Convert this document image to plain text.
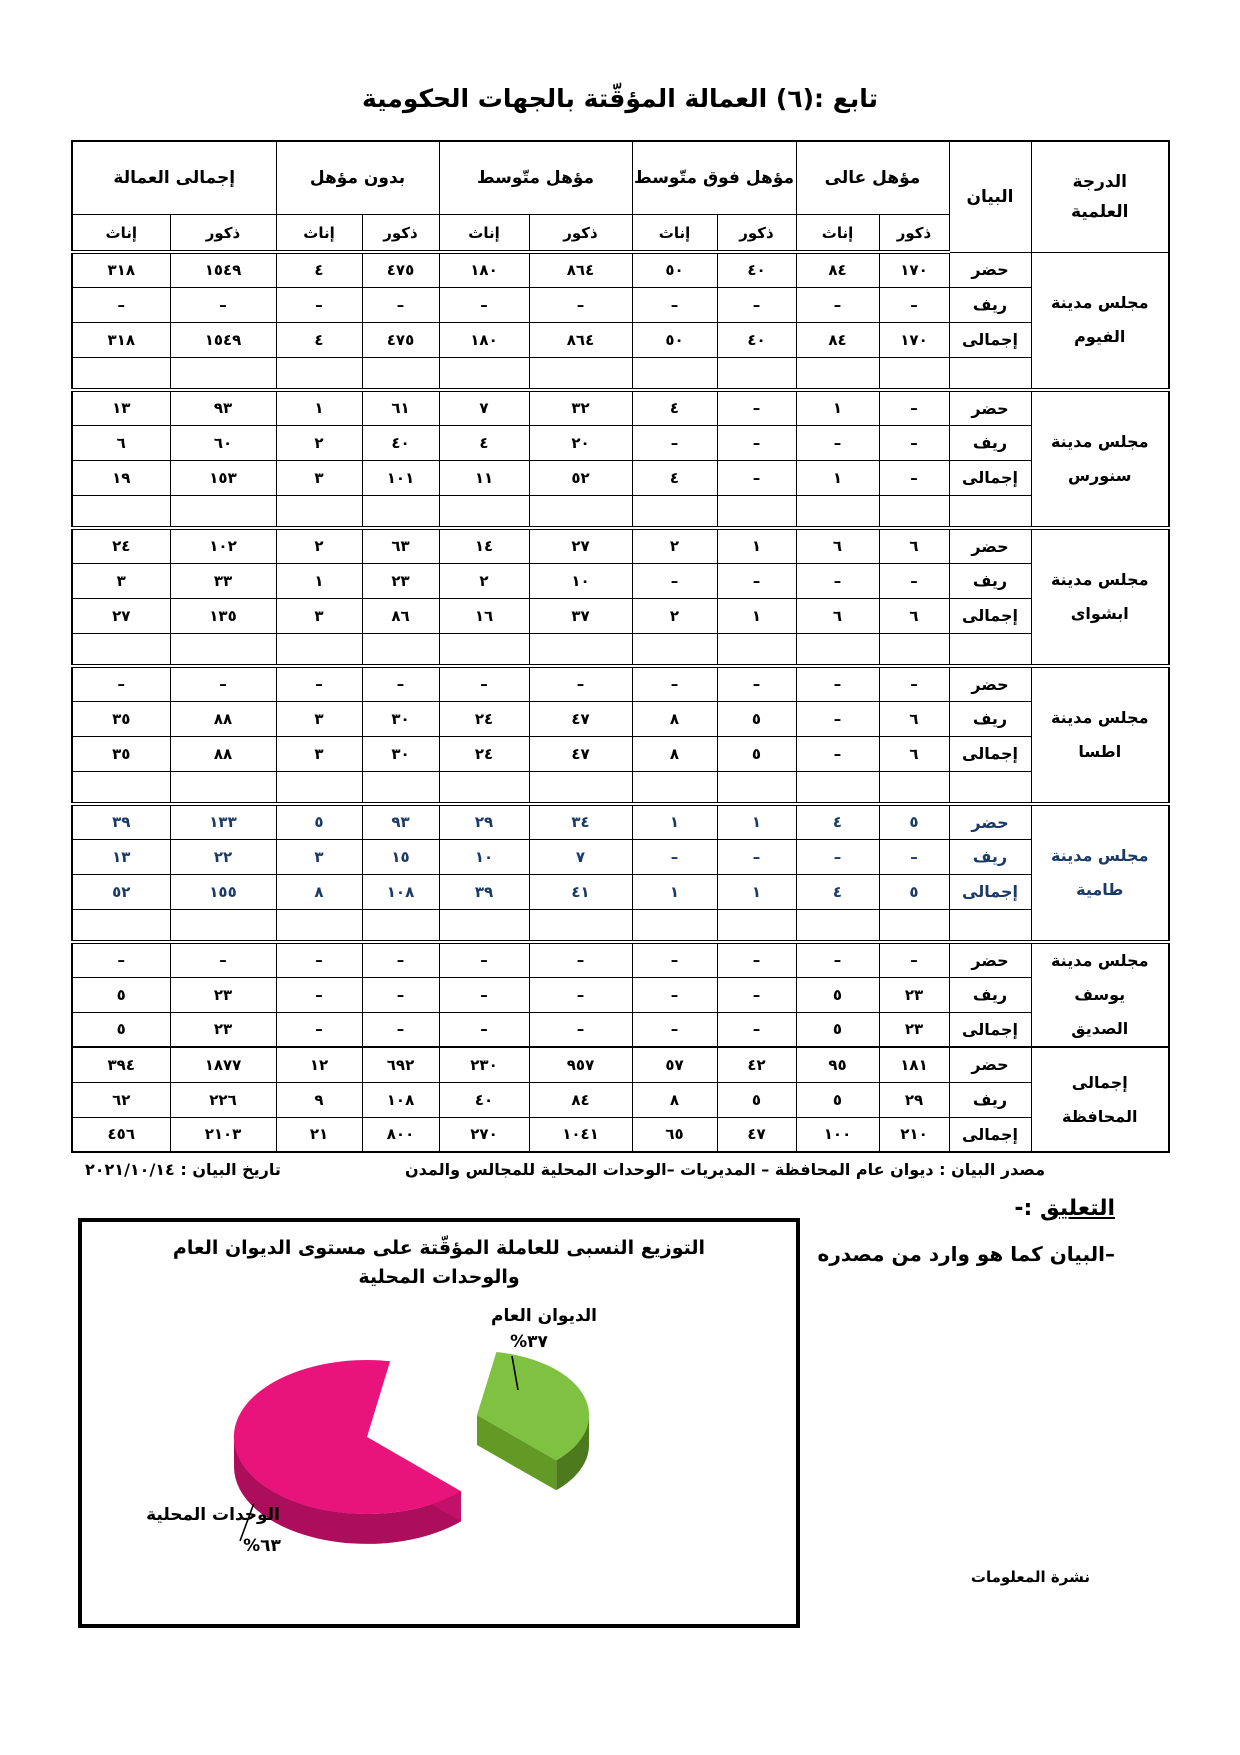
تابع :(٦) العمالة المؤقّتة بالجهات الحكومية
الدرجة
العلمية	البيان	مؤهل عالى		مؤهل فوق متّوسط		مؤهل متّوسط		بدون مؤهل		إجمالى العمالة	
		ذكور	إناث	ذكور	إناث	ذكور	إناث	ذكور	إناث	ذكور	إناث

مجلس مدينة
الفيوم	حضر	١٧٠	٨٤	٤٠	٥٠	٨٦٤	١٨٠	٤٧٥	٤	١٥٤٩	٣١٨
	ريف	–	–	–	–	–	–	–	–	–	–
	إجمالى	١٧٠	٨٤	٤٠	٥٠	٨٦٤	١٨٠	٤٧٥	٤	١٥٤٩	٣١٨

مجلس مدينة
سنورس	حضر	–	١	–	٤	٣٢	٧	٦١	١	٩٣	١٣
	ريف	–	–	–	–	٢٠	٤	٤٠	٢	٦٠	٦
	إجمالى	–	١	–	٤	٥٢	١١	١٠١	٣	١٥٣	١٩

مجلس مدينة
ابشواى	حضر	٦	٦	١	٢	٢٧	١٤	٦٣	٢	١٠٢	٢٤
	ريف	–	–	–	–	١٠	٢	٢٣	١	٣٣	٣
	إجمالى	٦	٦	١	٢	٣٧	١٦	٨٦	٣	١٣٥	٢٧

مجلس مدينة
اطسا	حضر	–	–	–	–	–	–	–	–	–	–
	ريف	٦	–	٥	٨	٤٧	٢٤	٣٠	٣	٨٨	٣٥
	إجمالى	٦	–	٥	٨	٤٧	٢٤	٣٠	٣	٨٨	٣٥

مجلس مدينة
طامية	حضر	٥	٤	١	١	٣٤	٢٩	٩٣	٥	١٣٣	٣٩
	ريف	–	–	–	–	٧	١٠	١٥	٣	٢٢	١٣
	إجمالى	٥	٤	١	١	٤١	٣٩	١٠٨	٨	١٥٥	٥٢

مجلس مدينة
يوسف
الصديق	حضر	–	–	–	–	–	–	–	–	–	–
	ريف	٢٣	٥	–	–	–	–	–	–	٢٣	٥
	إجمالى	٢٣	٥	–	–	–	–	–	–	٢٣	٥

إجمالى
المحافظة	حضر	١٨١	٩٥	٤٢	٥٧	٩٥٧	٢٣٠	٦٩٢	١٢	١٨٧٧	٣٩٤
	ريف	٢٩	٥	٥	٨	٨٤	٤٠	١٠٨	٩	٢٢٦	٦٢
	إجمالى	٢١٠	١٠٠	٤٧	٦٥	١٠٤١	٢٧٠	٨٠٠	٢١	٢١٠٣	٤٥٦
مصدر البيان : ديوان عام المحافظة – المديريات –الوحدات المحلية للمجالس والمدن
تاريخ البيان : ٢٠٢١/١٠/١٤
التعليق :-
–البيان كما هو وارد من مصدره
التوزيع النسبى للعاملة المؤقّتة على مستوى الديوان العام والوحدات المحلية
الديوان العام
%٣٧
الوحدات المحلية
%٦٣
نشرة المعلومات
